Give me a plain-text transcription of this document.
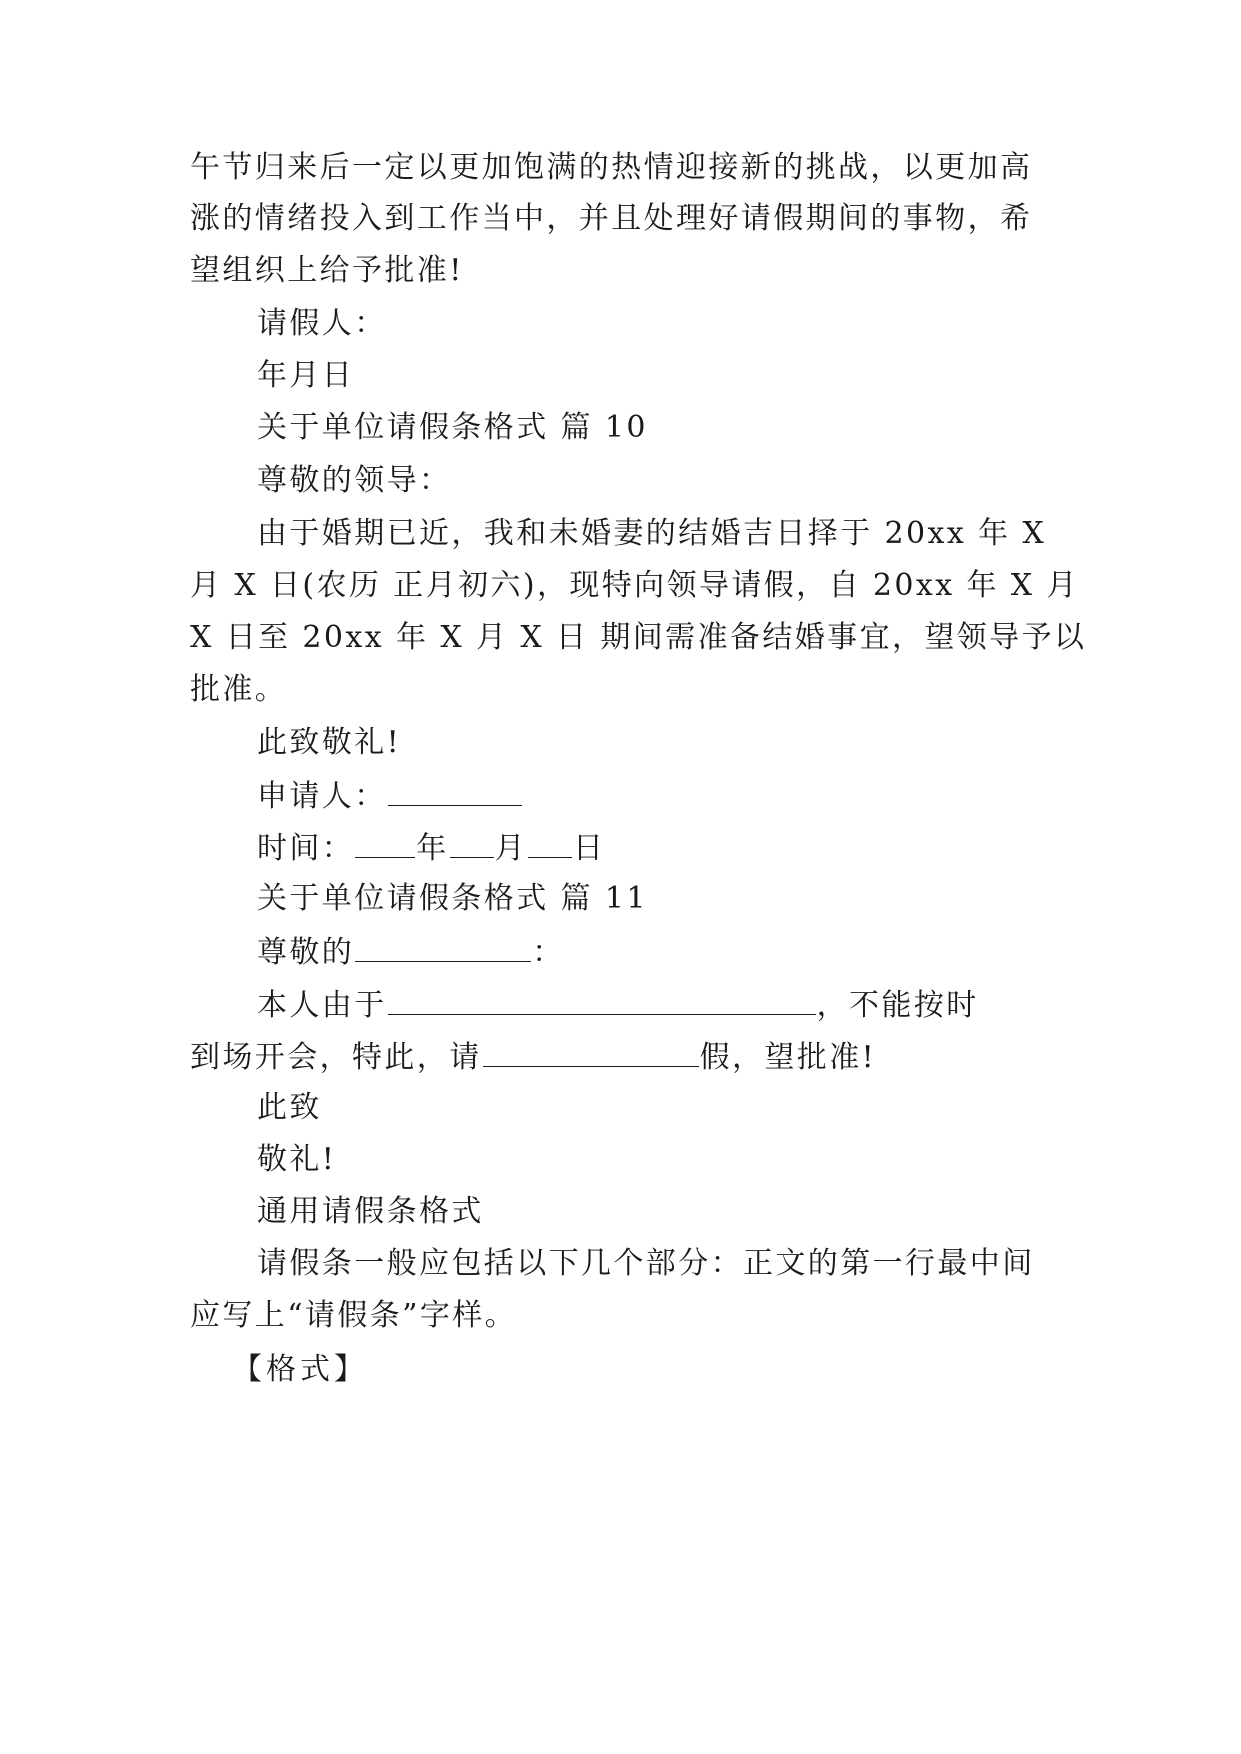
午节归来后一定以更加饱满的热情迎接新的挑战，以更加高
涨的情绪投入到工作当中，并且处理好请假期间的事物，希
望组织上给予批准!
请假人：
年月日
关于单位请假条格式 篇 10
尊敬的领导：
由于婚期已近，我和未婚妻的结婚吉日择于 20xx 年 X
月 X 日(农历 正月初六)，现特向领导请假，自 20xx 年 X 月
X 日至 20xx 年 X 月 X 日 期间需准备结婚事宜，望领导予以
批准。
此致敬礼!
申请人：
时间： 年 月 日
关于单位请假条格式 篇 11
尊敬的	：
本人由于	，不能按时
到场开会，特此，请	假，望批准!
此致
敬礼!
通用请假条格式
请假条一般应包括以下几个部分：正文的第一行最中间
应写上“请假条”字样。
【格式】
